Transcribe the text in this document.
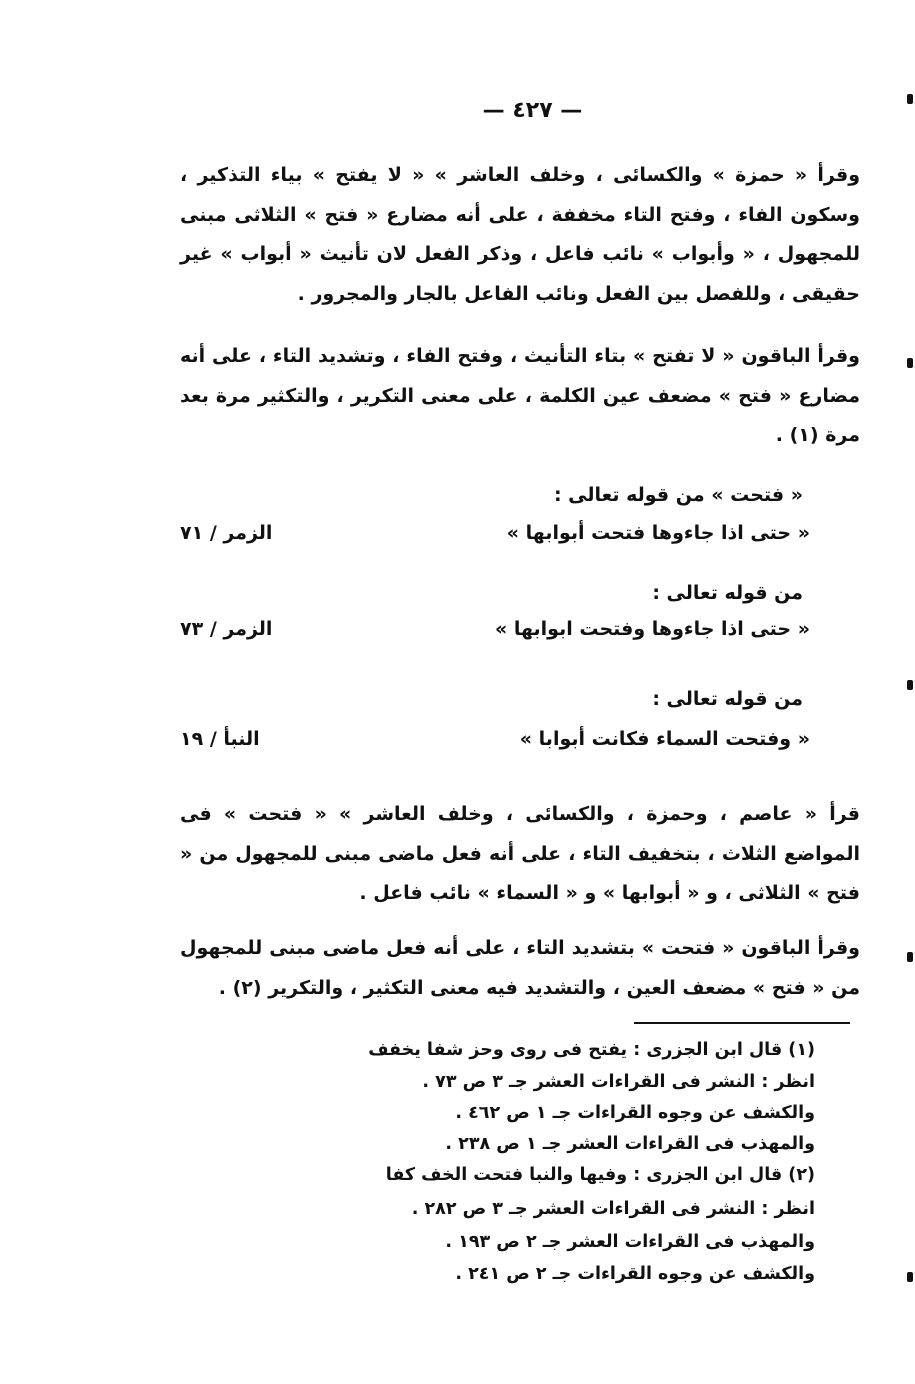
— ٤٢٧ —
وقرأ « حمزة » والكسائى ، وخلف العاشر » « لا يفتح » بياء التذكير ، وسكون الفاء ، وفتح التاء مخففة ، على أنه مضارع « فتح » الثلاثى مبنى للمجهول ، « وأبواب » نائب فاعل ، وذكر الفعل لان تأنيث « أبواب » غير حقيقى ، وللفصل بين الفعل ونائب الفاعل بالجار والمجرور .
وقرأ الباقون « لا تفتح » بتاء التأنيث ، وفتح الفاء ، وتشديد التاء ، على أنه مضارع « فتح » مضعف عين الكلمة ، على معنى التكرير ، والتكثير مرة بعد مرة (١) .
« فتحت » من قوله تعالى :
« حتى اذا جاءوها فتحت أبوابها »
الزمر / ٧١
من قوله تعالى :
« حتى اذا جاءوها وفتحت ابوابها »
الزمر / ٧٣
من قوله تعالى :
« وفتحت السماء فكانت أبوابا »
النبأ / ١٩
قرأ « عاصم ، وحمزة ، والكسائى ، وخلف العاشر » « فتحت » فى المواضع الثلاث ، بتخفيف التاء ، على أنه فعل ماضى مبنى للمجهول من « فتح » الثلاثى ، و « أبوابها » و « السماء » نائب فاعل .
وقرأ الباقون « فتحت » بتشديد التاء ، على أنه فعل ماضى مبنى للمجهول من « فتح » مضعف العين ، والتشديد فيه معنى التكثير ، والتكرير (٢) .
(١) قال ابن الجزرى : يفتح فى روى وحز شفا يخفف
انظر : النشر فى القراءات العشر جـ ٣ ص ٧٣ .
والكشف عن وجوه القراءات جـ ١ ص ٤٦٢ .
والمهذب فى القراءات العشر جـ ١ ص ٢٣٨ .
(٢) قال ابن الجزرى : وفيها والنبا فتحت الخف كفا
انظر : النشر فى القراءات العشر جـ ٣ ص ٢٨٢ .
والمهذب فى القراءات العشر جـ ٢ ص ١٩٣ .
والكشف عن وجوه القراءات جـ ٢ ص ٢٤١ .
